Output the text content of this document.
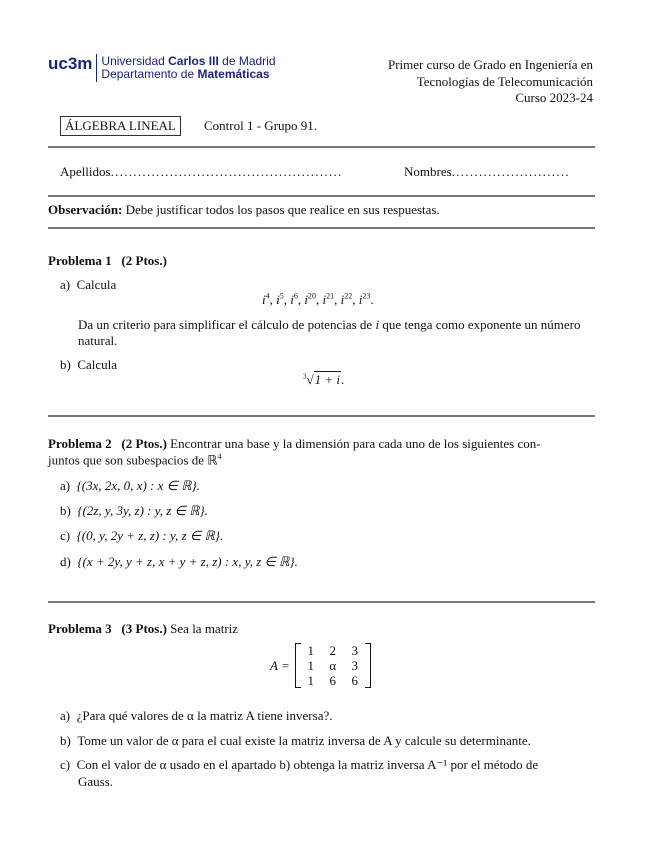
uc3m Universidad Carlos III de Madrid
Departamento de Matemáticas
Primer curso de Grado en Ingeniería en
Tecnologías de Telecomunicación
Curso 2023-24
ÁLGEBRA LINEAL	Control 1 - Grupo 91.
Apellidos...................................................	Nombres..........................
Observación: Debe justificar todos los pasos que realice en sus respuestas.
Problema 1 (2 Ptos.)
a) Calcula
$i^4$, $i^5$, $i^6$, $i^{20}$, $i^{21}$, $i^{22}$, $i^{23}$.
Da un criterio para simplificar el cálculo de potencias de i que tenga como exponente un número
natural.
b) Calcula
$^3$√1 + i.
Problema 2 (2 Ptos.) Encontrar una base y la dimensión para cada uno de los siguientes con-
juntos que son subespacios de ℝ$^4$
a) {(3x, 2x, 0, x) : x ∈ ℝ}.
b) {(2z, y, 3y, z) : y, z ∈ ℝ}.
c) {(0, y, 2y + z, z) : y, z ∈ ℝ}.
d) {(x + 2y, y + z, x + y + z, z) : x, y, z ∈ ℝ}.
Problema 3 (3 Ptos.) Sea la matriz
A =
1	2	3
1	α	3
1	6	6
a) ¿Para qué valores de α la matriz A tiene inversa?.
b) Tome un valor de α para el cual existe la matriz inversa de A y calcule su determinante.
c) Con el valor de α usado en el apartado b) obtenga la matriz inversa A⁻¹ por el método de
Gauss.
